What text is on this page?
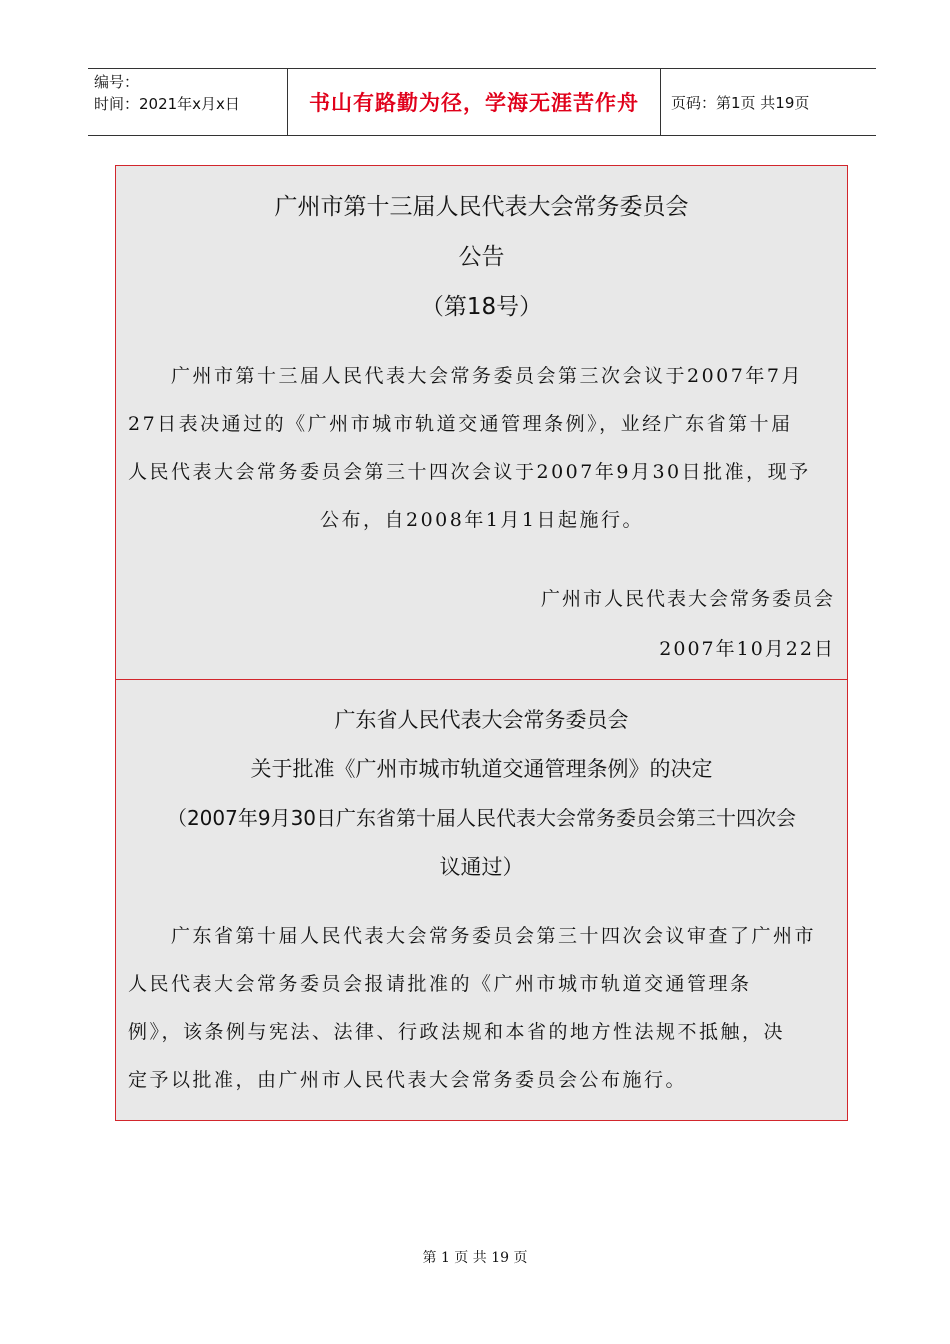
编号：
时间：2021年x月x日	书山有路勤为径，学海无涯苦作舟	页码：第1页 共19页
广州市第十三届人民代表大会常务委员会
公告
（第18号）
　　广州市第十三届人民代表大会常务委员会第三次会议于2007年7月
27日表决通过的《广州市城市轨道交通管理条例》，业经广东省第十届
人民代表大会常务委员会第三十四次会议于2007年9月30日批准，现予
公布，自2008年1月1日起施行。
广州市人民代表大会常务委员会
2007年10月22日
广东省人民代表大会常务委员会
关于批准《广州市城市轨道交通管理条例》的决定
（2007年9月30日广东省第十届人民代表大会常务委员会第三十四次会
议通过）
　　广东省第十届人民代表大会常务委员会第三十四次会议审查了广州市
人民代表大会常务委员会报请批准的《广州市城市轨道交通管理条
例》，该条例与宪法、法律、行政法规和本省的地方性法规不抵触，决
定予以批准，由广州市人民代表大会常务委员会公布施行。
第 1 页 共 19 页
